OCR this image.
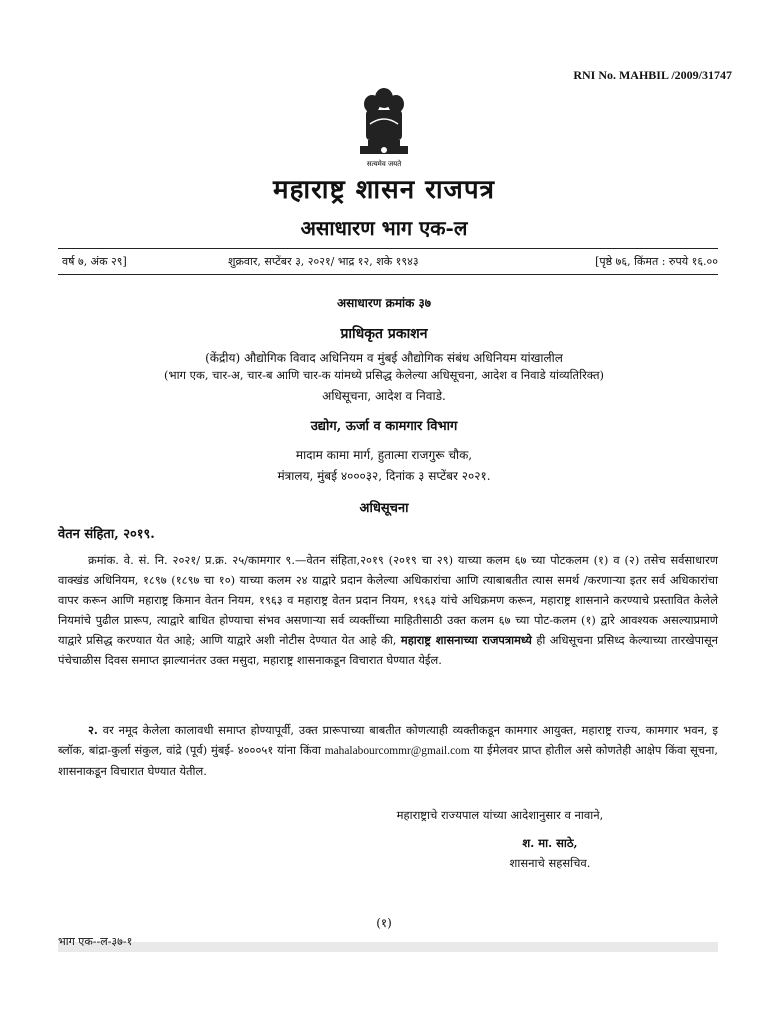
RNI No. MAHBIL /2009/31747
सत्यमेव जयते
महाराष्ट्र शासन राजपत्र
असाधारण भाग एक-ल
वर्ष ७, अंक २९]	शुक्रवार, सप्टेंबर ३, २०२१/ भाद्र १२, शके १९४३	[पृष्ठे ७६, किंमत : रुपये १६.००
असाधारण क्रमांक ३७
प्राधिकृत प्रकाशन
(केंद्रीय) औद्योगिक विवाद अधिनियम व मुंबई औद्योगिक संबंध अधिनियम यांखालील
(भाग एक, चार-अ, चार-ब आणि चार-क यांमध्ये प्रसिद्ध केलेल्या अधिसूचना, आदेश व निवाडे यांव्यतिरिक्त)
अधिसूचना, आदेश व निवाडे.
उद्योग, ऊर्जा व कामगार विभाग
मादाम कामा मार्ग, हुतात्मा राजगुरू चौक,
मंत्रालय, मुंबई ४०००३२, दिनांक ३ सप्टेंबर २०२१.
अधिसूचना
वेतन संहिता, २०१९.

क्रमांक. वे. सं. नि. २०२१/ प्र.क्र. २५/कामगार ९.—वेतन संहिता,२०१९ (२०१९ चा २९) याच्या कलम ६७ च्या पोटकलम (१) व (२) तसेच सर्वसाधारण वाक्खंड अधिनियम, १८९७ (१८९७ चा १०) याच्या कलम २४ याद्वारे प्रदान केलेल्या अधिकारांचा आणि त्याबाबतीत त्यास समर्थ /करणाऱ्या इतर सर्व अधिकारांचा वापर करून आणि महाराष्ट्र किमान वेतन नियम, १९६३ व महाराष्ट्र वेतन प्रदान नियम, १९६३ यांचे अधिक्रमण करून, महाराष्ट्र शासनाने करण्याचे प्रस्तावित केलेले नियमांचे पुढील प्रारूप, त्याद्वारे बाधित होण्याचा संभव असणाऱ्या सर्व व्यक्तींच्या माहितीसाठी उक्त कलम ६७ च्या पोट-कलम (१) द्वारे आवश्यक असल्याप्रमाणे याद्वारे प्रसिद्ध करण्यात येत आहे; आणि याद्वारे अशी नोटीस देण्यात येत आहे की, महाराष्ट्र शासनाच्या राजपत्रामध्ये ही अधिसूचना प्रसिध्द केल्याच्या तारखेपासून पंचेचाळीस दिवस समाप्त झाल्यानंतर उक्त मसुदा, महाराष्ट्र शासनाकडून विचारात घेण्यात येईल.

२. वर नमूद केलेला कालावधी समाप्त होण्यापूर्वी, उक्त प्रारूपाच्या बाबतीत कोणत्याही व्यक्तीकडून कामगार आयुक्त, महाराष्ट्र राज्य, कामगार भवन, इ ब्लॉक, बांद्रा-कुर्ला संकुल, वांद्रे (पूर्व) मुंबई- ४०००५१ यांना किंवा mahalabourcommr@gmail.com या ईमेलवर प्राप्त होतील असे कोणतेही आक्षेप किंवा सूचना, शासनाकडून विचारात घेण्यात येतील.

महाराष्ट्राचे राज्यपाल यांच्या आदेशानुसार व नावाने,
श. मा. साठे,
शासनाचे सहसचिव.
(१)
भाग एक--ल-३७-१
